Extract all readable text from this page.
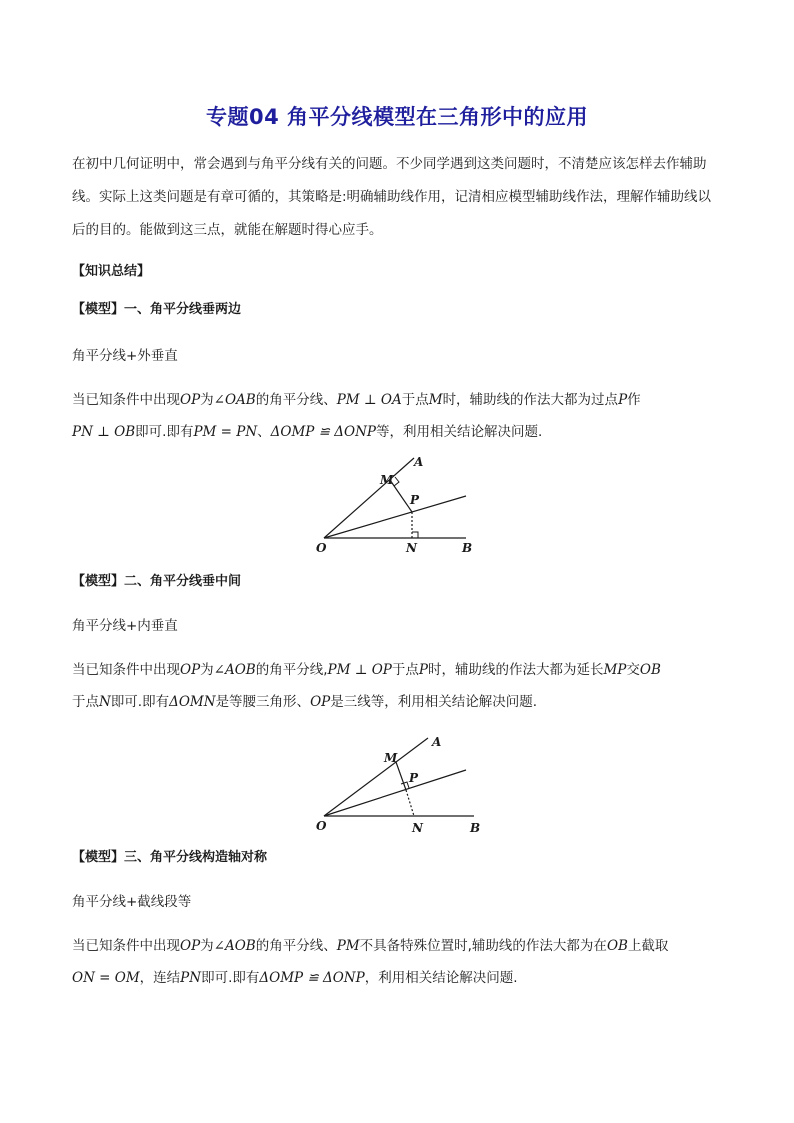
专题04 角平分线模型在三角形中的应用
在初中几何证明中，常会遇到与角平分线有关的问题。不少同学遇到这类问题时，不清楚应该怎样去作辅助线。实际上这类问题是有章可循的，其策略是:明确辅助线作用，记清相应模型辅助线作法，理解作辅助线以后的目的。能做到这三点，就能在解题时得心应手。
【知识总结】
【模型】一、角平分线垂两边
角平分线+外垂直
当已知条件中出现OP为∠OAB的角平分线、PM ⊥ OA于点M时，辅助线的作法大都为过点P作
PN ⊥ OB即可.即有PM = PN、ΔOMP ≌ ΔONP等，利用相关结论解决问题.
A
M
P
O	N	B
【模型】二、角平分线垂中间
角平分线+内垂直
当已知条件中出现OP为∠AOB的角平分线,PM ⊥ OP于点P时，辅助线的作法大都为延长MP交OB
于点N即可.即有ΔOMN是等腰三角形、OP是三线等，利用相关结论解决问题.
A
M
P
O	N	B
【模型】三、角平分线构造轴对称
角平分线+截线段等
当已知条件中出现OP为∠AOB的角平分线、PM不具备特殊位置时,辅助线的作法大都为在OB上截取
ON = OM，连结PN即可.即有ΔOMP ≌ ΔONP，利用相关结论解决问题.
